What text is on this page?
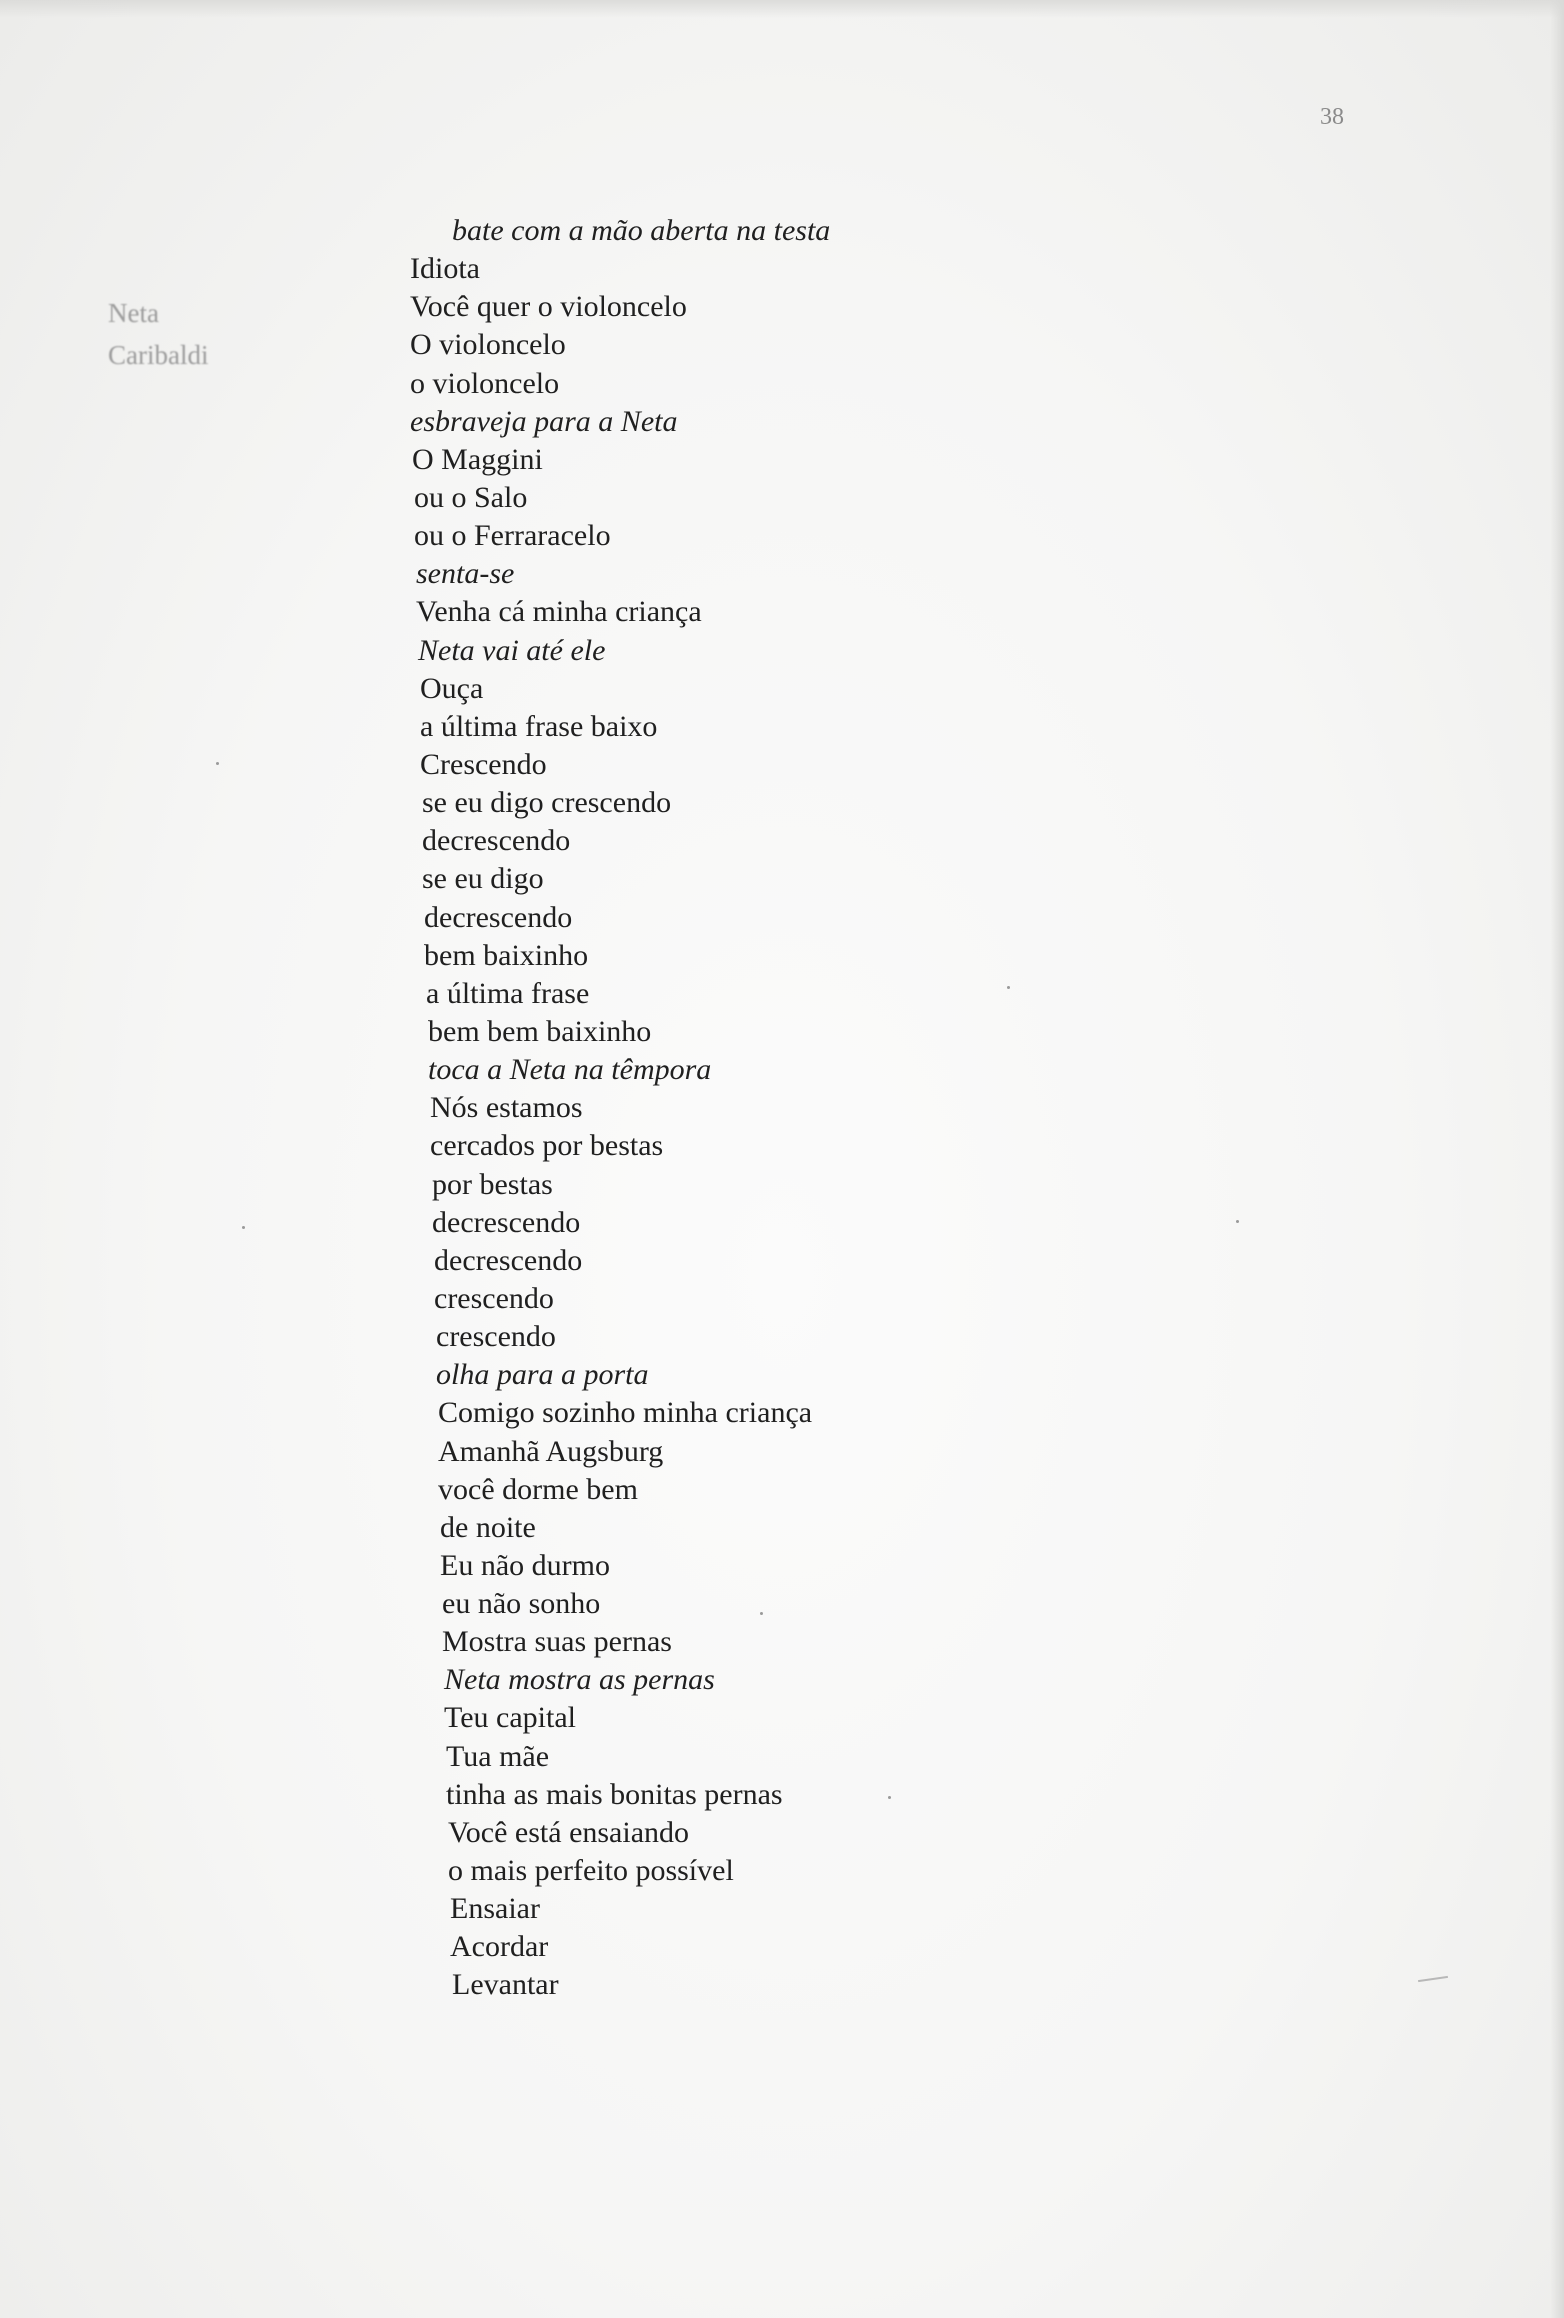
38
Neta
Caribaldi
bate com a mão aberta na testa
Idiota
Você quer o violoncelo
O violoncelo
o violoncelo
esbraveja para a Neta
O Maggini
ou o Salo
ou o Ferraracelo
senta-se
Venha cá minha criança
Neta vai até ele
Ouça
a última frase baixo
Crescendo
se eu digo crescendo
decrescendo
se eu digo
decrescendo
bem baixinho
a última frase
bem bem baixinho
toca a Neta na têmpora
Nós estamos
cercados por bestas
por bestas
decrescendo
decrescendo
crescendo
crescendo
olha para a porta
Comigo sozinho minha criança
Amanhã Augsburg
você dorme bem
de noite
Eu não durmo
eu não sonho
Mostra suas pernas
Neta mostra as pernas
Teu capital
Tua mãe
tinha as mais bonitas pernas
Você está ensaiando
o mais perfeito possível
Ensaiar
Acordar
Levantar
